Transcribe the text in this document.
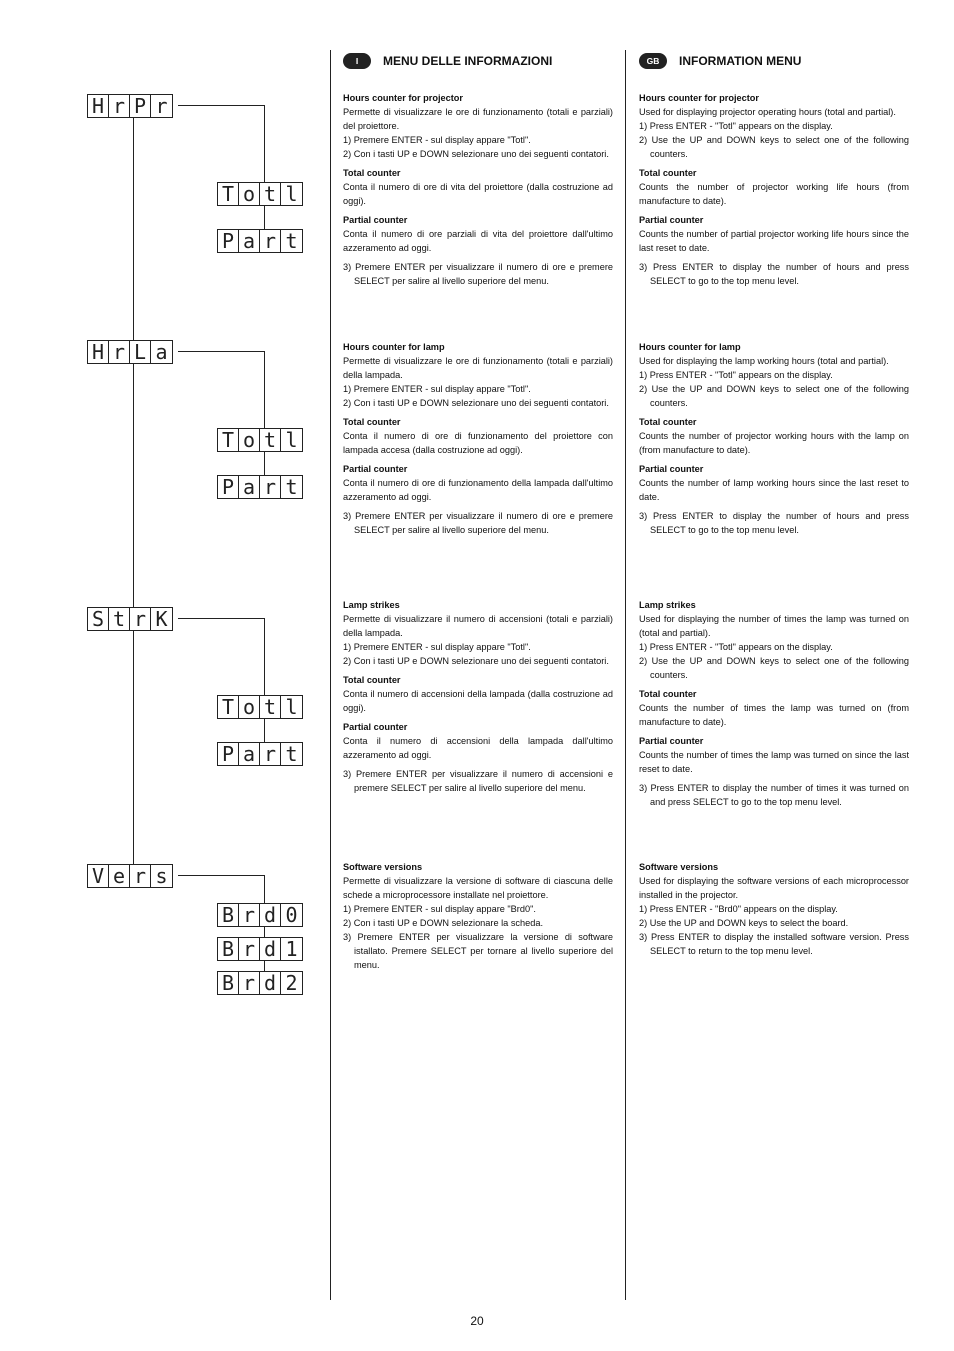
H r P r
T o t l
P a r t
H r L a
T o t l
P a r t
S t r K
T o t l
P a r t
V e r s
B r d 0
B r d 1
B r d 2
I	MENU DELLE INFORMAZIONI

Hours counter for projector

Permette di visualizzare le ore di funzionamento (totali e parziali) del proiettore.

1) Premere ENTER - sul display appare "Totl".

2) Con i tasti UP e DOWN selezionare uno dei seguenti contatori.

Total counter

Conta il numero di ore di vita del proiettore (dalla costruzione ad oggi).

Partial counter

Conta il numero di ore parziali di vita del proiettore dall'ultimo azzeramento ad oggi.

3) Premere ENTER per visualizzare il numero di ore e premere SELECT per salire al livello superiore del menu.

Hours counter for lamp

Permette di visualizzare le ore di funzionamento (totali e parziali) della lampada.

1) Premere ENTER - sul display appare "Totl".

2) Con i tasti UP e DOWN selezionare uno dei seguenti contatori.

Total counter

Conta il numero di ore di funzionamento del proiettore con lampada accesa (dalla costruzione ad oggi).

Partial counter

Conta il numero di ore di funzionamento della lampada dall'ultimo azzeramento ad oggi.

3) Premere ENTER per visualizzare il numero di ore e premere SELECT per salire al livello superiore del menu.

Lamp strikes

Permette di visualizzare il numero di accensioni (totali e parziali) della lampada.

1) Premere ENTER - sul display appare "Totl".

2) Con i tasti UP e DOWN selezionare uno dei seguenti contatori.

Total counter

Conta il numero di accensioni della lampada (dalla costruzione ad oggi).

Partial counter

Conta il numero di accensioni della lampada dall'ultimo azzeramento ad oggi.

3) Premere ENTER per visualizzare il numero di accensioni e premere SELECT per salire al livello superiore del menu.

Software versions

Permette di visualizzare la versione di software di ciascuna delle schede a microprocessore installate nel proiettore.

1) Premere ENTER - sul display appare "Brd0".

2) Con i tasti UP e DOWN selezionare la scheda.

3) Premere ENTER per visualizzare la versione di software istallato. Premere SELECT per tornare al livello superiore del menu.

GB	INFORMATION MENU

Hours counter for projector

Used for displaying projector operating hours (total and partial).

1) Press ENTER - "Totl" appears on the display.

2) Use the UP and DOWN keys to select one of the following counters.

Total counter

Counts the number of projector working life hours (from manufacture to date).

Partial counter

Counts the number of partial projector working life hours since the last reset to date.

3) Press ENTER to display the number of hours and press SELECT to go to the top menu level.

Hours counter for lamp

Used for displaying the lamp working hours (total and partial).

1) Press ENTER - "Totl" appears on the display.

2) Use the UP and DOWN keys to select one of the following counters.

Total counter

Counts the number of projector working hours with the lamp on (from manufacture to date).

Partial counter

Counts the number of lamp working hours since the last reset to date.

3) Press ENTER to display the number of hours and press SELECT to go to the top menu level.

Lamp strikes

Used for displaying the number of times the lamp was turned on (total and partial).

1) Press ENTER - "Totl" appears on the display.

2) Use the UP and DOWN keys to select one of the following counters.

Total counter

Counts the number of times the lamp was turned on (from manufacture to date).

Partial counter

Counts the number of times the lamp was turned on since the last reset to date.

3) Press ENTER to display the number of times it was turned on and press SELECT to go to the top menu level.

Software versions

Used for displaying the software versions of each microprocessor installed in the projector.

1) Press ENTER - "Brd0" appears on the display.

2) Use the UP and DOWN keys to select the board.

3) Press ENTER to display the installed software version. Press SELECT to return to the top menu level.

20
